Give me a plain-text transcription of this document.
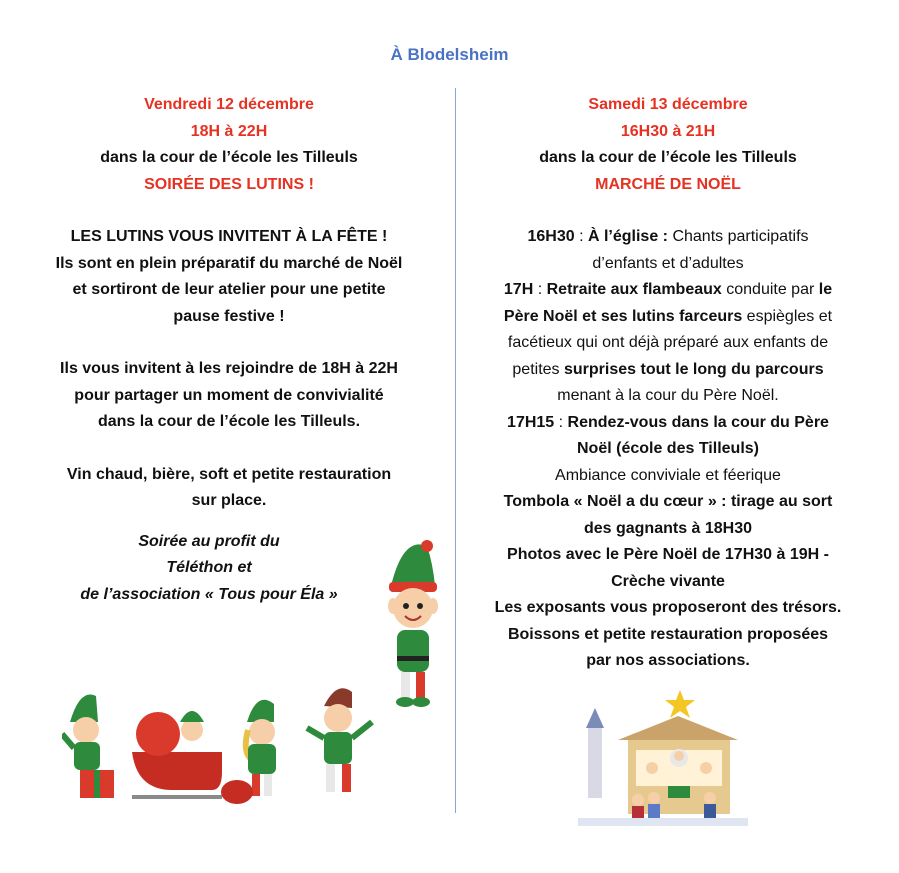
À Blodelsheim
Vendredi 12 décembre
18H à 22H
dans la cour de l’école les Tilleuls
SOIRÉE DES LUTINS !
LES LUTINS VOUS INVITENT À LA FÊTE !
Ils sont en plein préparatif du marché de Noël
et sortiront de leur atelier pour une petite
pause festive !
Ils vous invitent à les rejoindre de 18H à 22H
pour partager un moment de convivialité
dans la cour de l’école les Tilleuls.
Vin chaud, bière, soft et petite restauration
sur place.
Soirée au profit du
Téléthon et
de l’association « Tous pour Éla »
Samedi 13 décembre
16H30 à 21H
dans la cour de l’école les Tilleuls
MARCHÉ DE NOËL
16H30 : À l’église : Chants participatifs
d’enfants et d’adultes
17H : Retraite aux flambeaux conduite par le
Père Noël et ses lutins farceurs espiègles et
facétieux qui ont déjà préparé aux enfants de
petites surprises tout le long du parcours
menant à la cour du Père Noël.
17H15 : Rendez-vous dans la cour du Père
Noël (école des Tilleuls)
Ambiance conviviale et féerique
Tombola « Noël a du cœur » : tirage au sort
des gagnants à 18H30
Photos avec le Père Noël de 17H30 à 19H -
Crèche vivante
Les exposants vous proposeront des trésors.
Boissons et petite restauration proposées
par nos associations.
